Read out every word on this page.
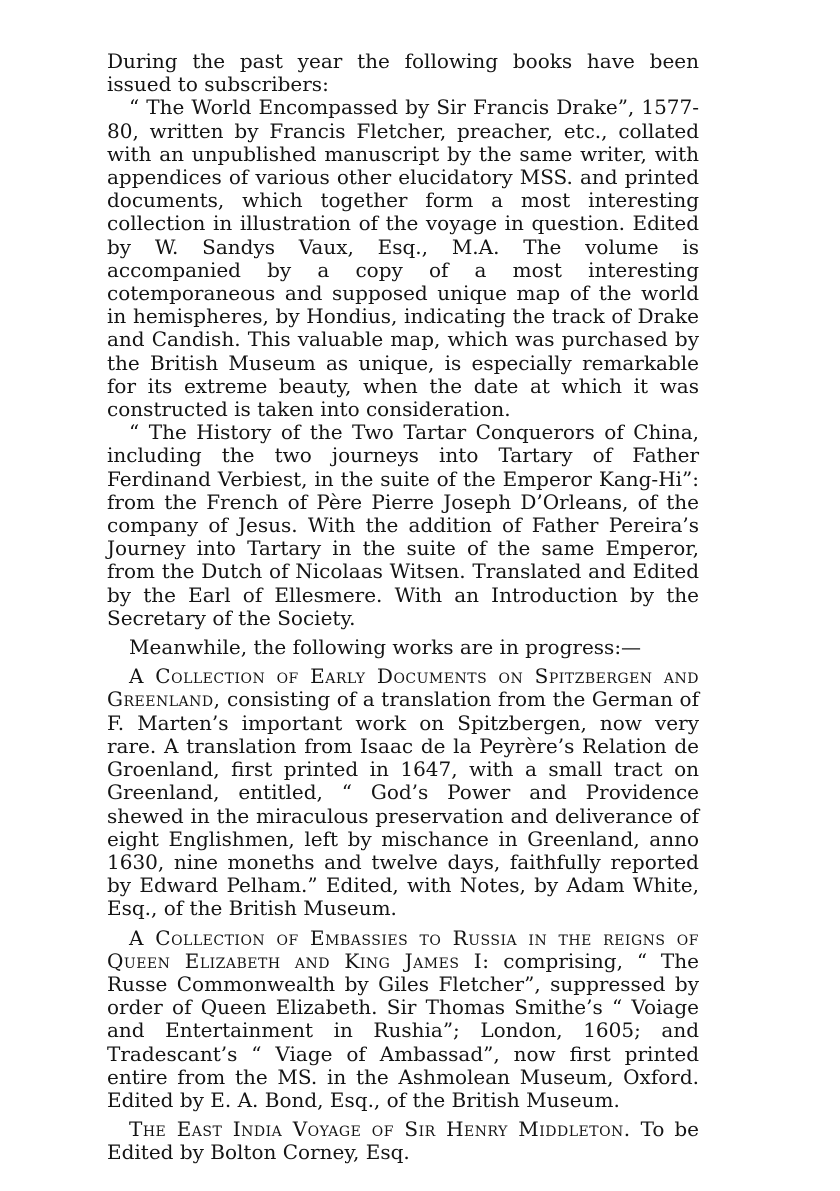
During the past year the following books have been issued to subscribers:

“ The World Encompassed by Sir Francis Drake”, 1577-80, written by Francis Fletcher, preacher, etc., collated with an unpublished manuscript by the same writer, with appendices of various other elucidatory MSS. and printed documents, which together form a most interesting collection in illustration of the voyage in question. Edited by W. Sandys Vaux, Esq., M.A. The volume is accompanied by a copy of a most interesting cotemporaneous and supposed unique map of the world in hemispheres, by Hondius, indicating the track of Drake and Candish. This valuable map, which was purchased by the British Museum as unique, is especially remarkable for its extreme beauty, when the date at which it was constructed is taken into consideration.

“ The History of the Two Tartar Conquerors of China, including the two journeys into Tartary of Father Ferdinand Verbiest, in the suite of the Emperor Kang-Hi”: from the French of Père Pierre Joseph D’Orleans, of the company of Jesus. With the addition of Father Pereira’s Journey into Tartary in the suite of the same Emperor, from the Dutch of Nicolaas Witsen. Translated and Edited by the Earl of Ellesmere. With an Introduction by the Secretary of the Society.

Meanwhile, the following works are in progress:—

A Collection of Early Documents on Spitzbergen and Greenland, consisting of a translation from the German of F. Marten’s important work on Spitzbergen, now very rare. A translation from Isaac de la Peyrère’s Relation de Groenland, first printed in 1647, with a small tract on Greenland, entitled, “ God’s Power and Providence shewed in the miraculous preservation and deliverance of eight Englishmen, left by mischance in Greenland, anno 1630, nine moneths and twelve days, faithfully reported by Edward Pelham.” Edited, with Notes, by Adam White, Esq., of the British Museum.

A Collection of Embassies to Russia in the reigns of Queen Elizabeth and King James I: comprising, “ The Russe Commonwealth by Giles Fletcher”, suppressed by order of Queen Elizabeth. Sir Thomas Smithe’s “ Voiage and Entertainment in Rushia”; London, 1605; and Tradescant’s “ Viage of Ambassad”, now first printed entire from the MS. in the Ashmolean Museum, Oxford. Edited by E. A. Bond, Esq., of the British Museum.

The East India Voyage of Sir Henry Middleton. To be Edited by Bolton Corney, Esq.
